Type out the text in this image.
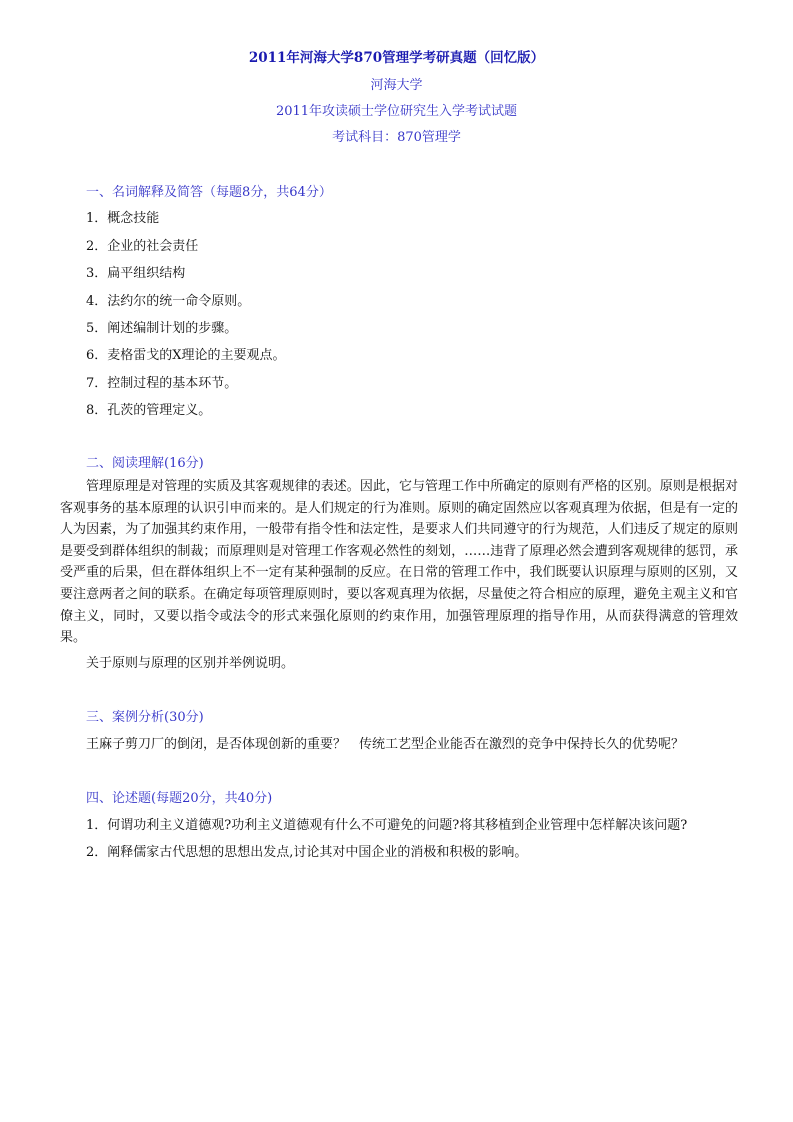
2011年河海大学870管理学考研真题（回忆版）
河海大学
2011年攻读硕士学位研究生入学考试试题
考试科目：870管理学
一、名词解释及简答（每题8分，共64分）
1．概念技能
2．企业的社会责任
3．扁平组织结构
4．法约尔的统一命令原则。
5．阐述编制计划的步骤。
6．麦格雷戈的X理论的主要观点。
7．控制过程的基本环节。
8．孔茨的管理定义。
二、阅读理解(16分)

管理原理是对管理的实质及其客观规律的表述。因此，它与管理工作中所确定的原则有严格的区别。原则是根据对客观事务的基本原理的认识引申而来的。是人们规定的行为准则。原则的确定固然应以客观真理为依据，但是有一定的人为因素，为了加强其约束作用，一般带有指令性和法定性，是要求人们共同遵守的行为规范，人们违反了规定的原则是要受到群体组织的制裁；而原理则是对管理工作客观必然性的刻划，……违背了原理必然会遭到客观规律的惩罚，承受严重的后果，但在群体组织上不一定有某种强制的反应。在日常的管理工作中，我们既要认识原理与原则的区别，又要注意两者之间的联系。在确定每项管理原则时，要以客观真理为依据，尽量使之符合相应的原理，避免主观主义和官僚主义，同时，又要以指令或法令的形式来强化原则的约束作用，加强管理原理的指导作用，从而获得满意的管理效果。

关于原则与原理的区别并举例说明。
三、案例分析(30分)
王麻子剪刀厂的倒闭，是否体现创新的重要？　传统工艺型企业能否在激烈的竞争中保持长久的优势呢？
四、论述题(每题20分，共40分)
1．何谓功利主义道德观?功利主义道德观有什么不可避免的问题?将其移植到企业管理中怎样解决该问题?
2．阐释儒家古代思想的思想出发点,讨论其对中国企业的消极和积极的影响。
